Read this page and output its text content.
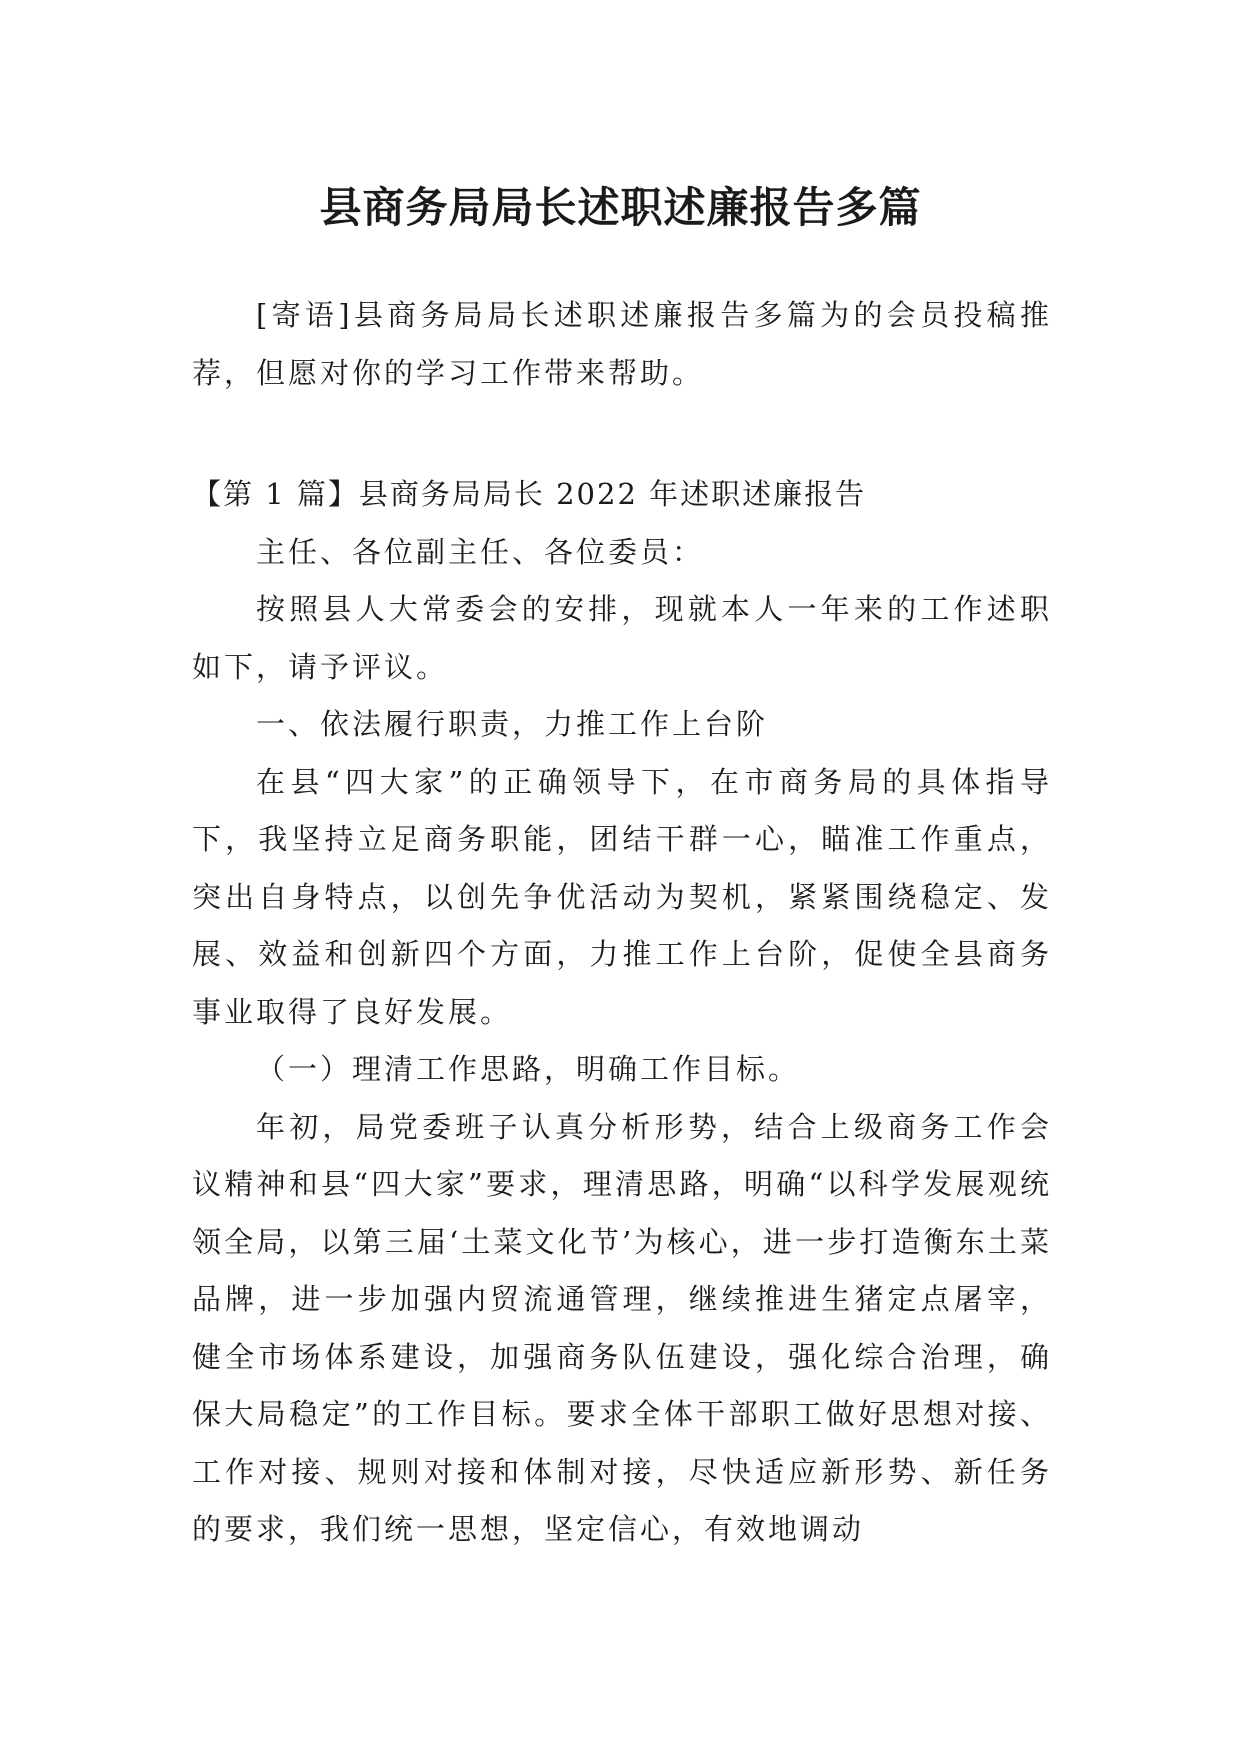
县商务局局长述职述廉报告多篇

[寄语]县商务局局长述职述廉报告多篇为的会员投稿推荐，但愿对你的学习工作带来帮助。

【第 1 篇】县商务局局长 2022 年述职述廉报告

主任、各位副主任、各位委员：

按照县人大常委会的安排，现就本人一年来的工作述职如下，请予评议。

一、依法履行职责，力推工作上台阶

在县“四大家”的正确领导下，在市商务局的具体指导下，我坚持立足商务职能，团结干群一心，瞄准工作重点，突出自身特点，以创先争优活动为契机，紧紧围绕稳定、发展、效益和创新四个方面，力推工作上台阶，促使全县商务事业取得了良好发展。

（一）理清工作思路，明确工作目标。

年初，局党委班子认真分析形势，结合上级商务工作会议精神和县“四大家”要求，理清思路，明确“以科学发展观统领全局，以第三届‘土菜文化节’为核心，进一步打造衡东土菜品牌，进一步加强内贸流通管理，继续推进生猪定点屠宰，健全市场体系建设，加强商务队伍建设，强化综合治理，确保大局稳定”的工作目标。要求全体干部职工做好思想对接、工作对接、规则对接和体制对接，尽快适应新形势、新任务的要求，我们统一思想，坚定信心，有效地调动
